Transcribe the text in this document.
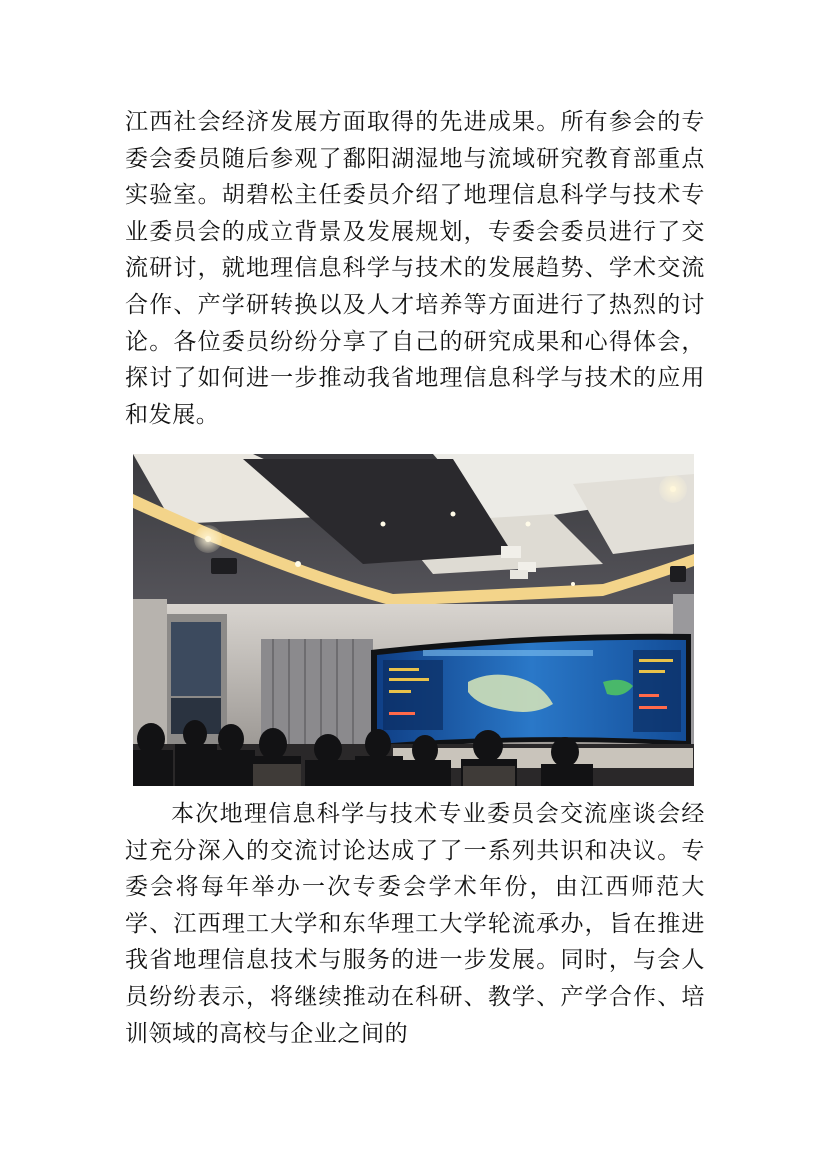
江西社会经济发展方面取得的先进成果。所有参会的专委会委员随后参观了鄱阳湖湿地与流域研究教育部重点实验室。胡碧松主任委员介绍了地理信息科学与技术专业委员会的成立背景及发展规划，专委会委员进行了交流研讨，就地理信息科学与技术的发展趋势、学术交流合作、产学研转换以及人才培养等方面进行了热烈的讨论。各位委员纷纷分享了自己的研究成果和心得体会，探讨了如何进一步推动我省地理信息科学与技术的应用和发展。

本次地理信息科学与技术专业委员会交流座谈会经过充分深入的交流讨论达成了了一系列共识和决议。专委会将每年举办一次专委会学术年份，由江西师范大学、江西理工大学和东华理工大学轮流承办，旨在推进我省地理信息技术与服务的进一步发展。同时，与会人员纷纷表示，将继续推动在科研、教学、产学合作、培训领域的高校与企业之间的
